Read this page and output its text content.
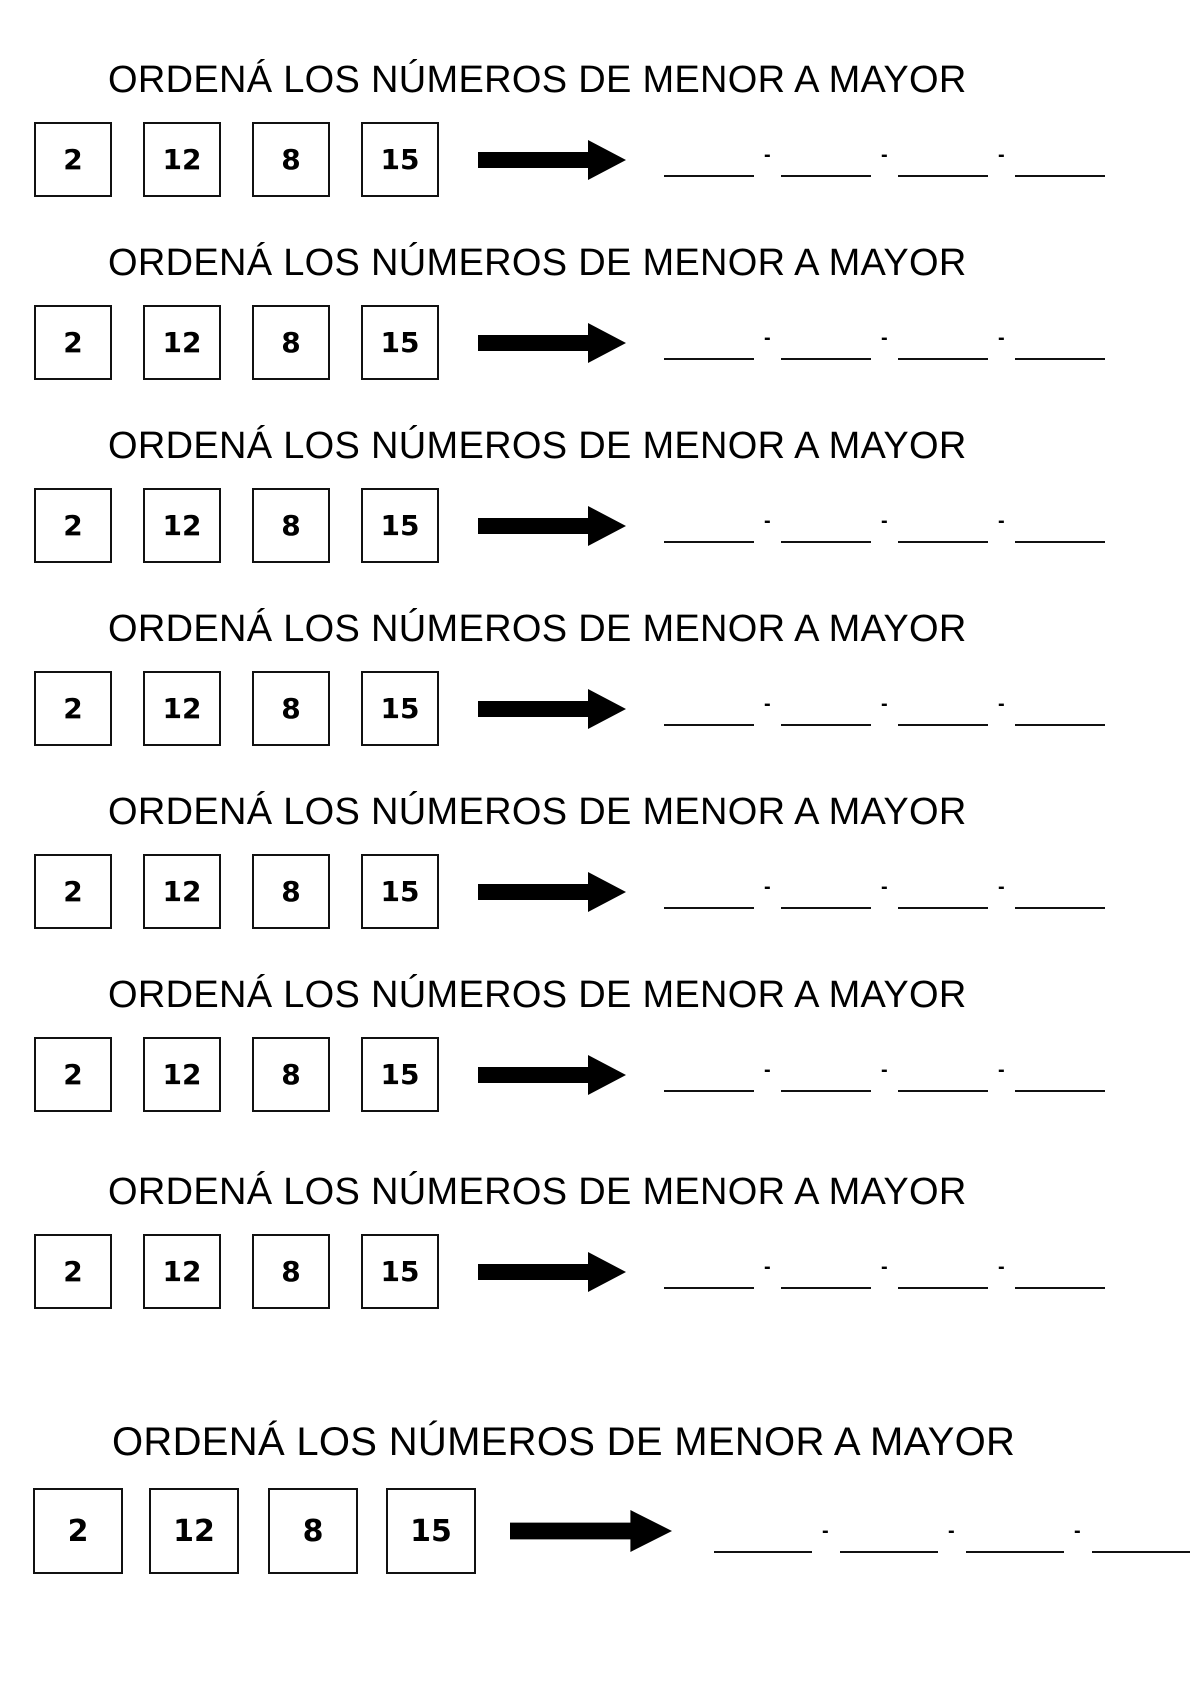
ORDENÁ LOS NÚMEROS DE MENOR A MAYOR
2	12	8	15	-	-	-
ORDENÁ LOS NÚMEROS DE MENOR A MAYOR
2	12	8	15	-	-	-
ORDENÁ LOS NÚMEROS DE MENOR A MAYOR
2	12	8	15	-	-	-
ORDENÁ LOS NÚMEROS DE MENOR A MAYOR
2	12	8	15	-	-	-
ORDENÁ LOS NÚMEROS DE MENOR A MAYOR
2	12	8	15	-	-	-
ORDENÁ LOS NÚMEROS DE MENOR A MAYOR
2	12	8	15	-	-	-
ORDENÁ LOS NÚMEROS DE MENOR A MAYOR
2	12	8	15	-	-	-
ORDENÁ LOS NÚMEROS DE MENOR A MAYOR
2	12	8	15	-	-	-
